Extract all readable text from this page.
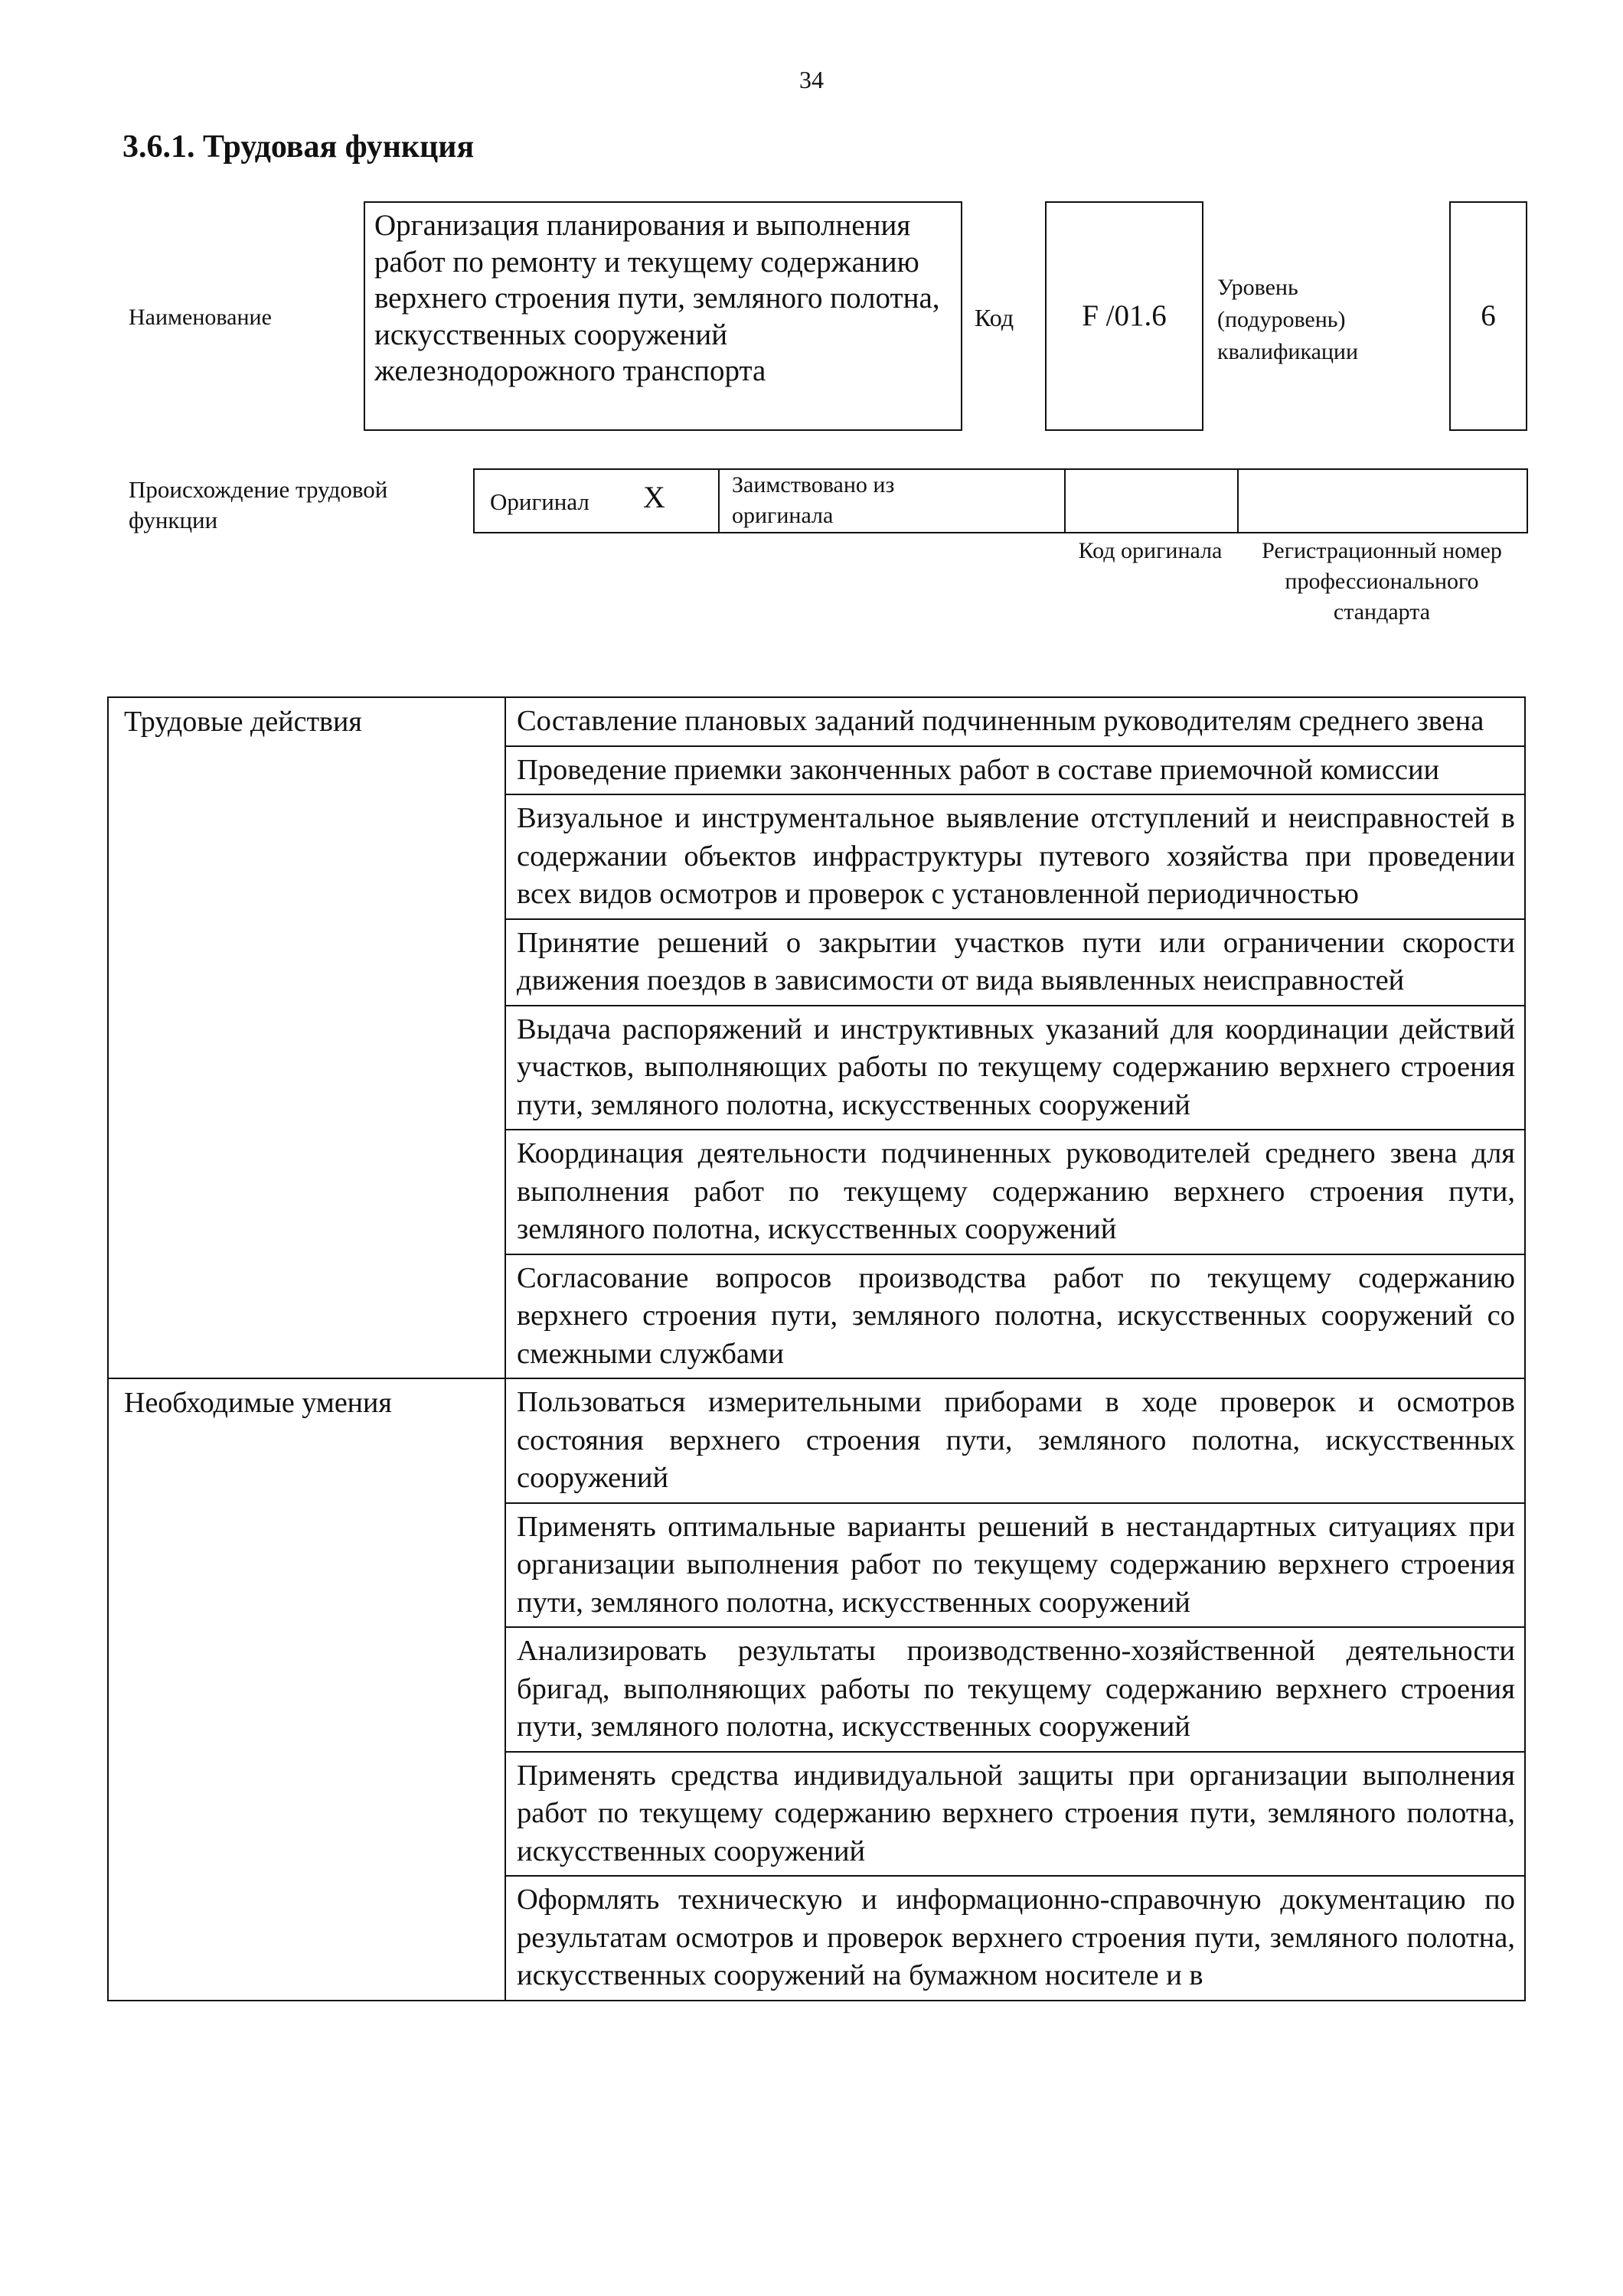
34
3.6.1. Трудовая функция
Наименование
Организация планирования и выполнения работ по ремонту и текущему содержанию верхнего строения пути, земляного полотна, искусственных сооружений железнодорожного транспорта
Код F /01.6
Уровень (подуровень) квалификации
6
Происхождение трудовой функции
Оригинал X	Заимствовано из оригинала
Код оригинала	Регистрационный номер профессионального стандарта
Трудовые действия	Составление плановых заданий подчиненным руководителям среднего звена
	Проведение приемки законченных работ в составе приемочной комиссии
	Визуальное и инструментальное выявление отступлений и неисправностей в содержании объектов инфраструктуры путевого хозяйства при проведении всех видов осмотров и проверок с установленной периодичностью
	Принятие решений о закрытии участков пути или ограничении скорости движения поездов в зависимости от вида выявленных неисправностей
	Выдача распоряжений и инструктивных указаний для координации действий участков, выполняющих работы по текущему содержанию верхнего строения пути, земляного полотна, искусственных сооружений
	Координация деятельности подчиненных руководителей среднего звена для выполнения работ по текущему содержанию верхнего строения пути, земляного полотна, искусственных сооружений
	Согласование вопросов производства работ по текущему содержанию верхнего строения пути, земляного полотна, искусственных сооружений со смежными службами
Необходимые умения	Пользоваться измерительными приборами в ходе проверок и осмотров состояния верхнего строения пути, земляного полотна, искусственных сооружений
	Применять оптимальные варианты решений в нестандартных ситуациях при организации выполнения работ по текущему содержанию верхнего строения пути, земляного полотна, искусственных сооружений
	Анализировать результаты производственно-хозяйственной деятельности бригад, выполняющих работы по текущему содержанию верхнего строения пути, земляного полотна, искусственных сооружений
	Применять средства индивидуальной защиты при организации выполнения работ по текущему содержанию верхнего строения пути, земляного полотна, искусственных сооружений
	Оформлять техническую и информационно-справочную документацию по результатам осмотров и проверок верхнего строения пути, земляного полотна, искусственных сооружений на бумажном носителе и в
